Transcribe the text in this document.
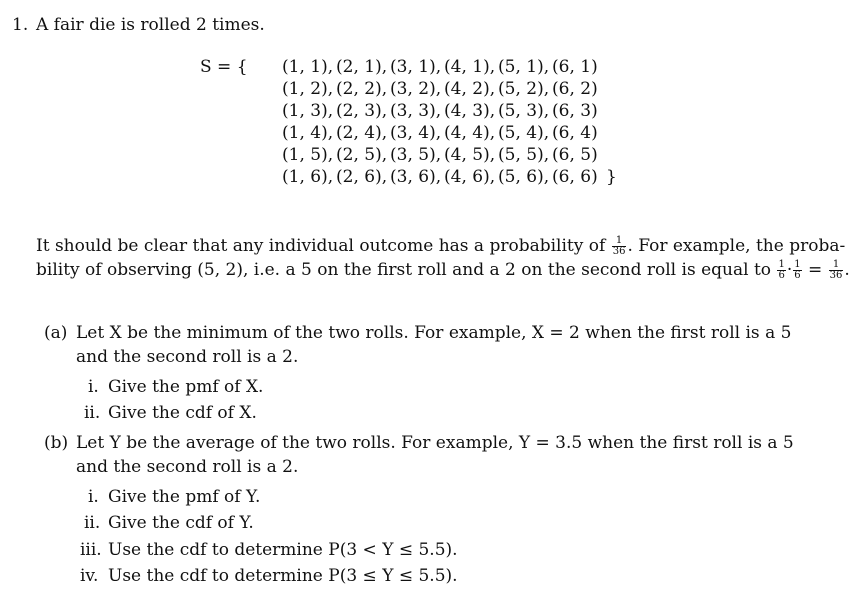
1. A fair die is rolled 2 times.
S = { (1, 1), (2, 1), (3, 1), (4, 1), (5, 1), (6, 1)
(1, 2), (2, 2), (3, 2), (4, 2), (5, 2), (6, 2)
(1, 3), (2, 3), (3, 3), (4, 3), (5, 3), (6, 3)
(1, 4), (2, 4), (3, 4), (4, 4), (5, 4), (6, 4)
(1, 5), (2, 5), (3, 5), (4, 5), (5, 5), (6, 5)
(1, 6), (2, 6), (3, 6), (4, 6), (5, 6), (6, 6) }
It should be clear that any individual outcome has a probability of $\frac{1}{36}$ . For example, the proba-
bility of observing (5, 2), i.e. a 5 on the first roll and a 2 on the second roll is equal to $\frac{1}{6} \cdot \frac{1}{6} = \frac{1}{36}$ .
(a) Let X be the minimum of the two rolls. For example, X = 2 when the first roll is a 5
and the second roll is a 2.
i. Give the pmf of X.
ii. Give the cdf of X.
(b) Let Y be the average of the two rolls. For example, Y = 3.5 when the first roll is a 5
and the second roll is a 2.
i. Give the pmf of Y.
ii. Give the cdf of Y.
iii. Use the cdf to determine P(3 < Y ≤ 5.5).
iv. Use the cdf to determine P(3 ≤ Y ≤ 5.5).
